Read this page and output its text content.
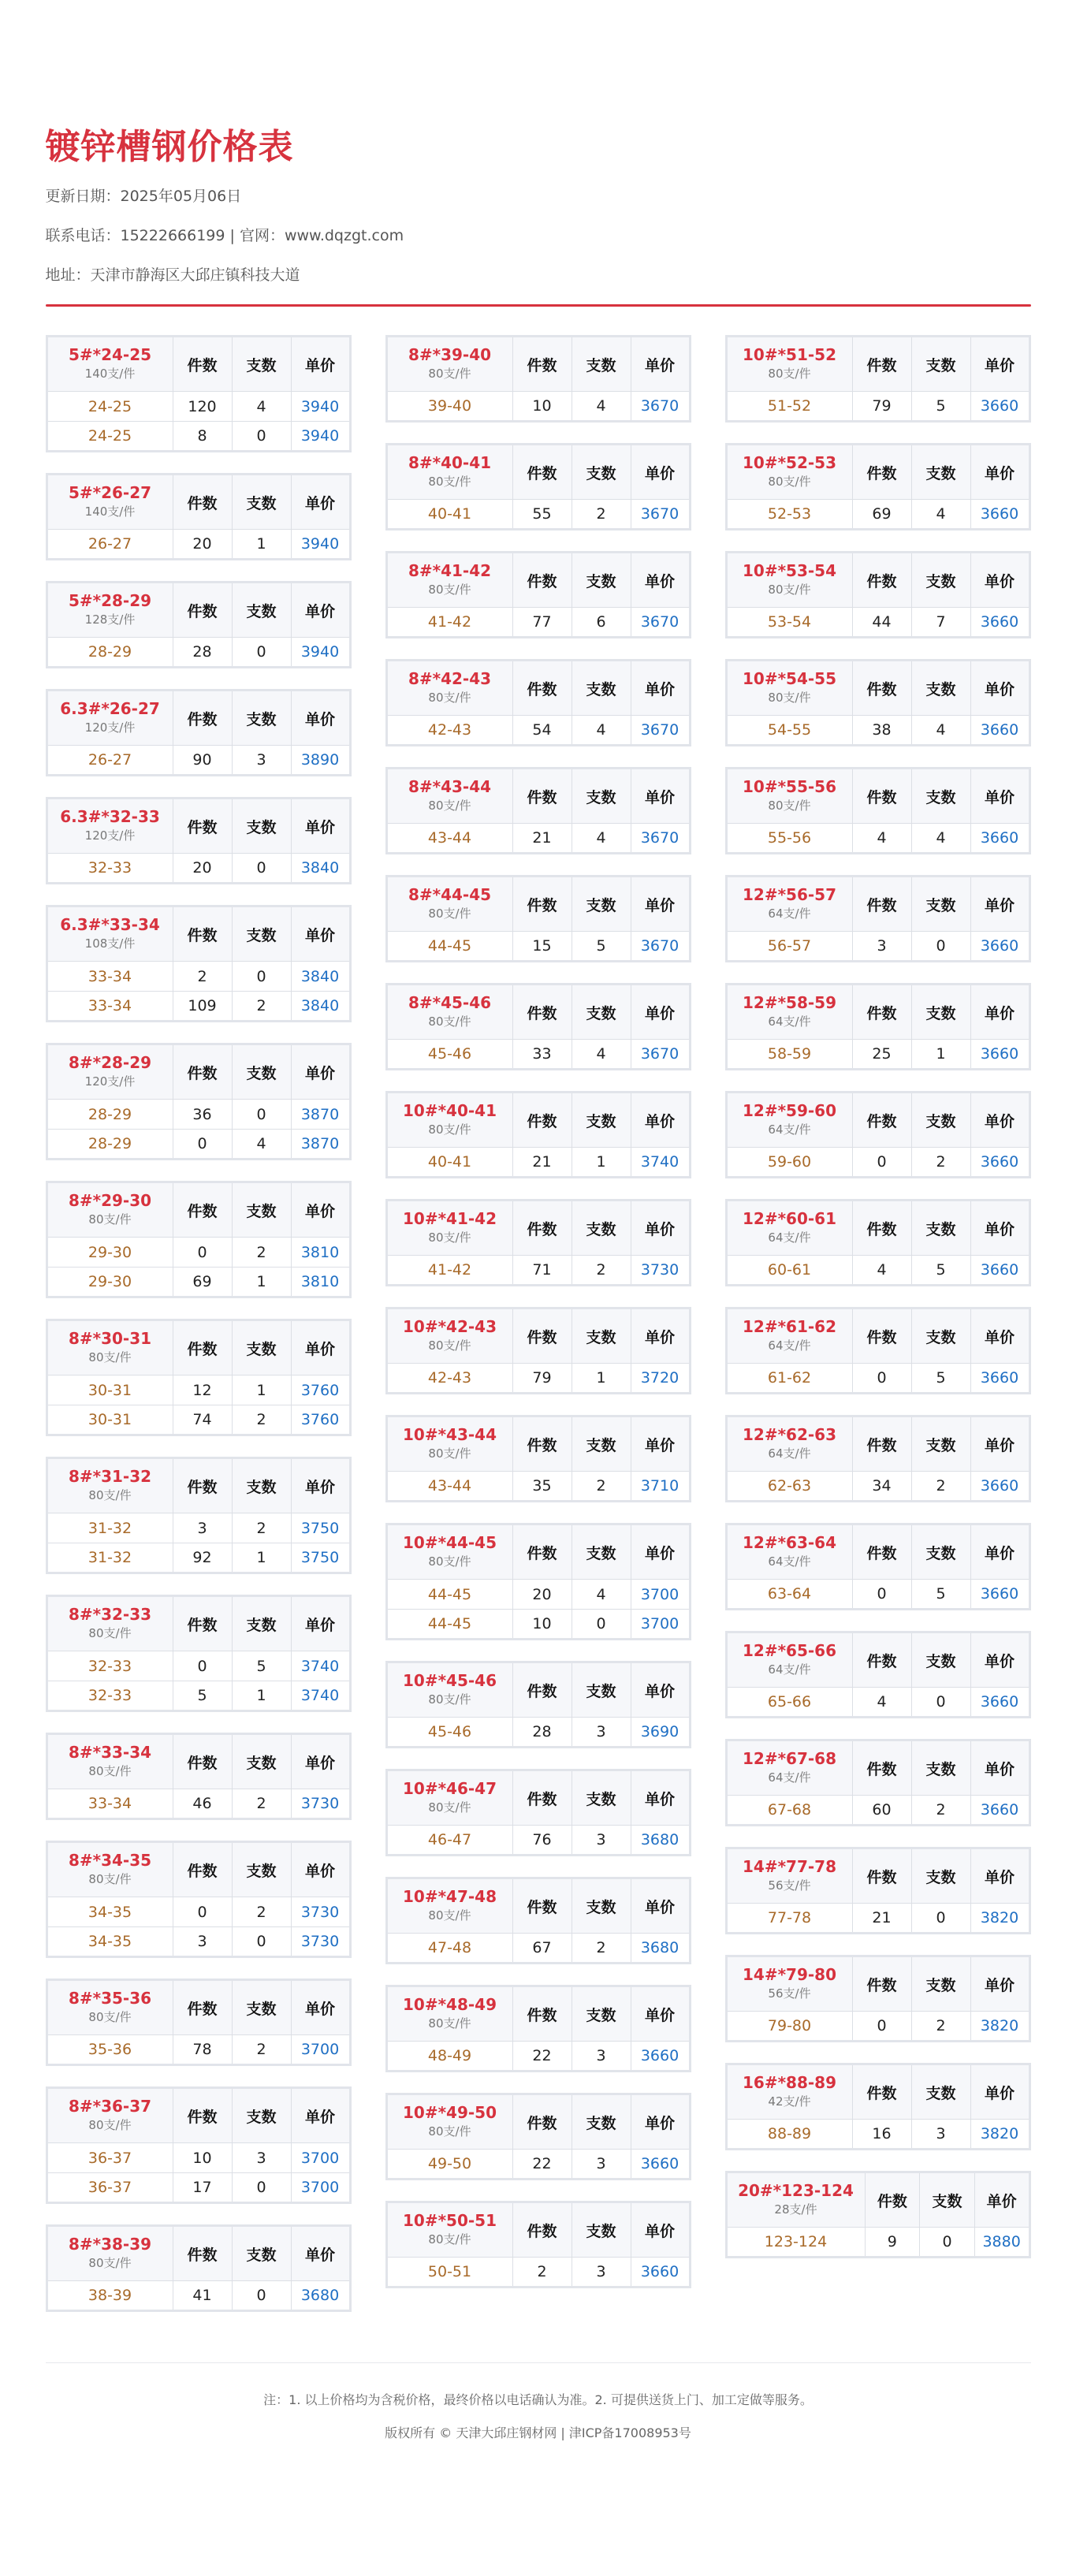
镀锌槽钢价格表
更新日期：2025年05月06日
联系电话：15222666199 | 官网：www.dqzgt.com
地址：天津市静海区大邱庄镇科技大道
5#*24-25
140支/件	件数	支数	单价
24-25	120	4	3940
24-25	8	0	3940
5#*26-27
140支/件	件数	支数	单价
26-27	20	1	3940
5#*28-29
128支/件	件数	支数	单价
28-29	28	0	3940
6.3#*26-27
120支/件	件数	支数	单价
26-27	90	3	3890
6.3#*32-33
120支/件	件数	支数	单价
32-33	20	0	3840
6.3#*33-34
108支/件	件数	支数	单价
33-34	2	0	3840
33-34	109	2	3840
8#*28-29
120支/件	件数	支数	单价
28-29	36	0	3870
28-29	0	4	3870
8#*29-30
80支/件	件数	支数	单价
29-30	0	2	3810
29-30	69	1	3810
8#*30-31
80支/件	件数	支数	单价
30-31	12	1	3760
30-31	74	2	3760
8#*31-32
80支/件	件数	支数	单价
31-32	3	2	3750
31-32	92	1	3750
8#*32-33
80支/件	件数	支数	单价
32-33	0	5	3740
32-33	5	1	3740
8#*33-34
80支/件	件数	支数	单价
33-34	46	2	3730
8#*34-35
80支/件	件数	支数	单价
34-35	0	2	3730
34-35	3	0	3730
8#*35-36
80支/件	件数	支数	单价
35-36	78	2	3700
8#*36-37
80支/件	件数	支数	单价
36-37	10	3	3700
36-37	17	0	3700
8#*38-39
80支/件	件数	支数	单价
38-39	41	0	3680
8#*39-40
80支/件	件数	支数	单价
39-40	10	4	3670
8#*40-41
80支/件	件数	支数	单价
40-41	55	2	3670
8#*41-42
80支/件	件数	支数	单价
41-42	77	6	3670
8#*42-43
80支/件	件数	支数	单价
42-43	54	4	3670
8#*43-44
80支/件	件数	支数	单价
43-44	21	4	3670
8#*44-45
80支/件	件数	支数	单价
44-45	15	5	3670
8#*45-46
80支/件	件数	支数	单价
45-46	33	4	3670
10#*40-41
80支/件	件数	支数	单价
40-41	21	1	3740
10#*41-42
80支/件	件数	支数	单价
41-42	71	2	3730
10#*42-43
80支/件	件数	支数	单价
42-43	79	1	3720
10#*43-44
80支/件	件数	支数	单价
43-44	35	2	3710
10#*44-45
80支/件	件数	支数	单价
44-45	20	4	3700
44-45	10	0	3700
10#*45-46
80支/件	件数	支数	单价
45-46	28	3	3690
10#*46-47
80支/件	件数	支数	单价
46-47	76	3	3680
10#*47-48
80支/件	件数	支数	单价
47-48	67	2	3680
10#*48-49
80支/件	件数	支数	单价
48-49	22	3	3660
10#*49-50
80支/件	件数	支数	单价
49-50	22	3	3660
10#*50-51
80支/件	件数	支数	单价
50-51	2	3	3660
10#*51-52
80支/件	件数	支数	单价
51-52	79	5	3660
10#*52-53
80支/件	件数	支数	单价
52-53	69	4	3660
10#*53-54
80支/件	件数	支数	单价
53-54	44	7	3660
10#*54-55
80支/件	件数	支数	单价
54-55	38	4	3660
10#*55-56
80支/件	件数	支数	单价
55-56	4	4	3660
12#*56-57
64支/件	件数	支数	单价
56-57	3	0	3660
12#*58-59
64支/件	件数	支数	单价
58-59	25	1	3660
12#*59-60
64支/件	件数	支数	单价
59-60	0	2	3660
12#*60-61
64支/件	件数	支数	单价
60-61	4	5	3660
12#*61-62
64支/件	件数	支数	单价
61-62	0	5	3660
12#*62-63
64支/件	件数	支数	单价
62-63	34	2	3660
12#*63-64
64支/件	件数	支数	单价
63-64	0	5	3660
12#*65-66
64支/件	件数	支数	单价
65-66	4	0	3660
12#*67-68
64支/件	件数	支数	单价
67-68	60	2	3660
14#*77-78
56支/件	件数	支数	单价
77-78	21	0	3820
14#*79-80
56支/件	件数	支数	单价
79-80	0	2	3820
16#*88-89
42支/件	件数	支数	单价
88-89	16	3	3820
20#*123-124
28支/件	件数	支数	单价
123-124	9	0	3880

注：1. 以上价格均为含税价格，最终价格以电话确认为准。2. 可提供送货上门、加工定做等服务。

版权所有 © 天津大邱庄钢材网 | 津ICP备17008953号
